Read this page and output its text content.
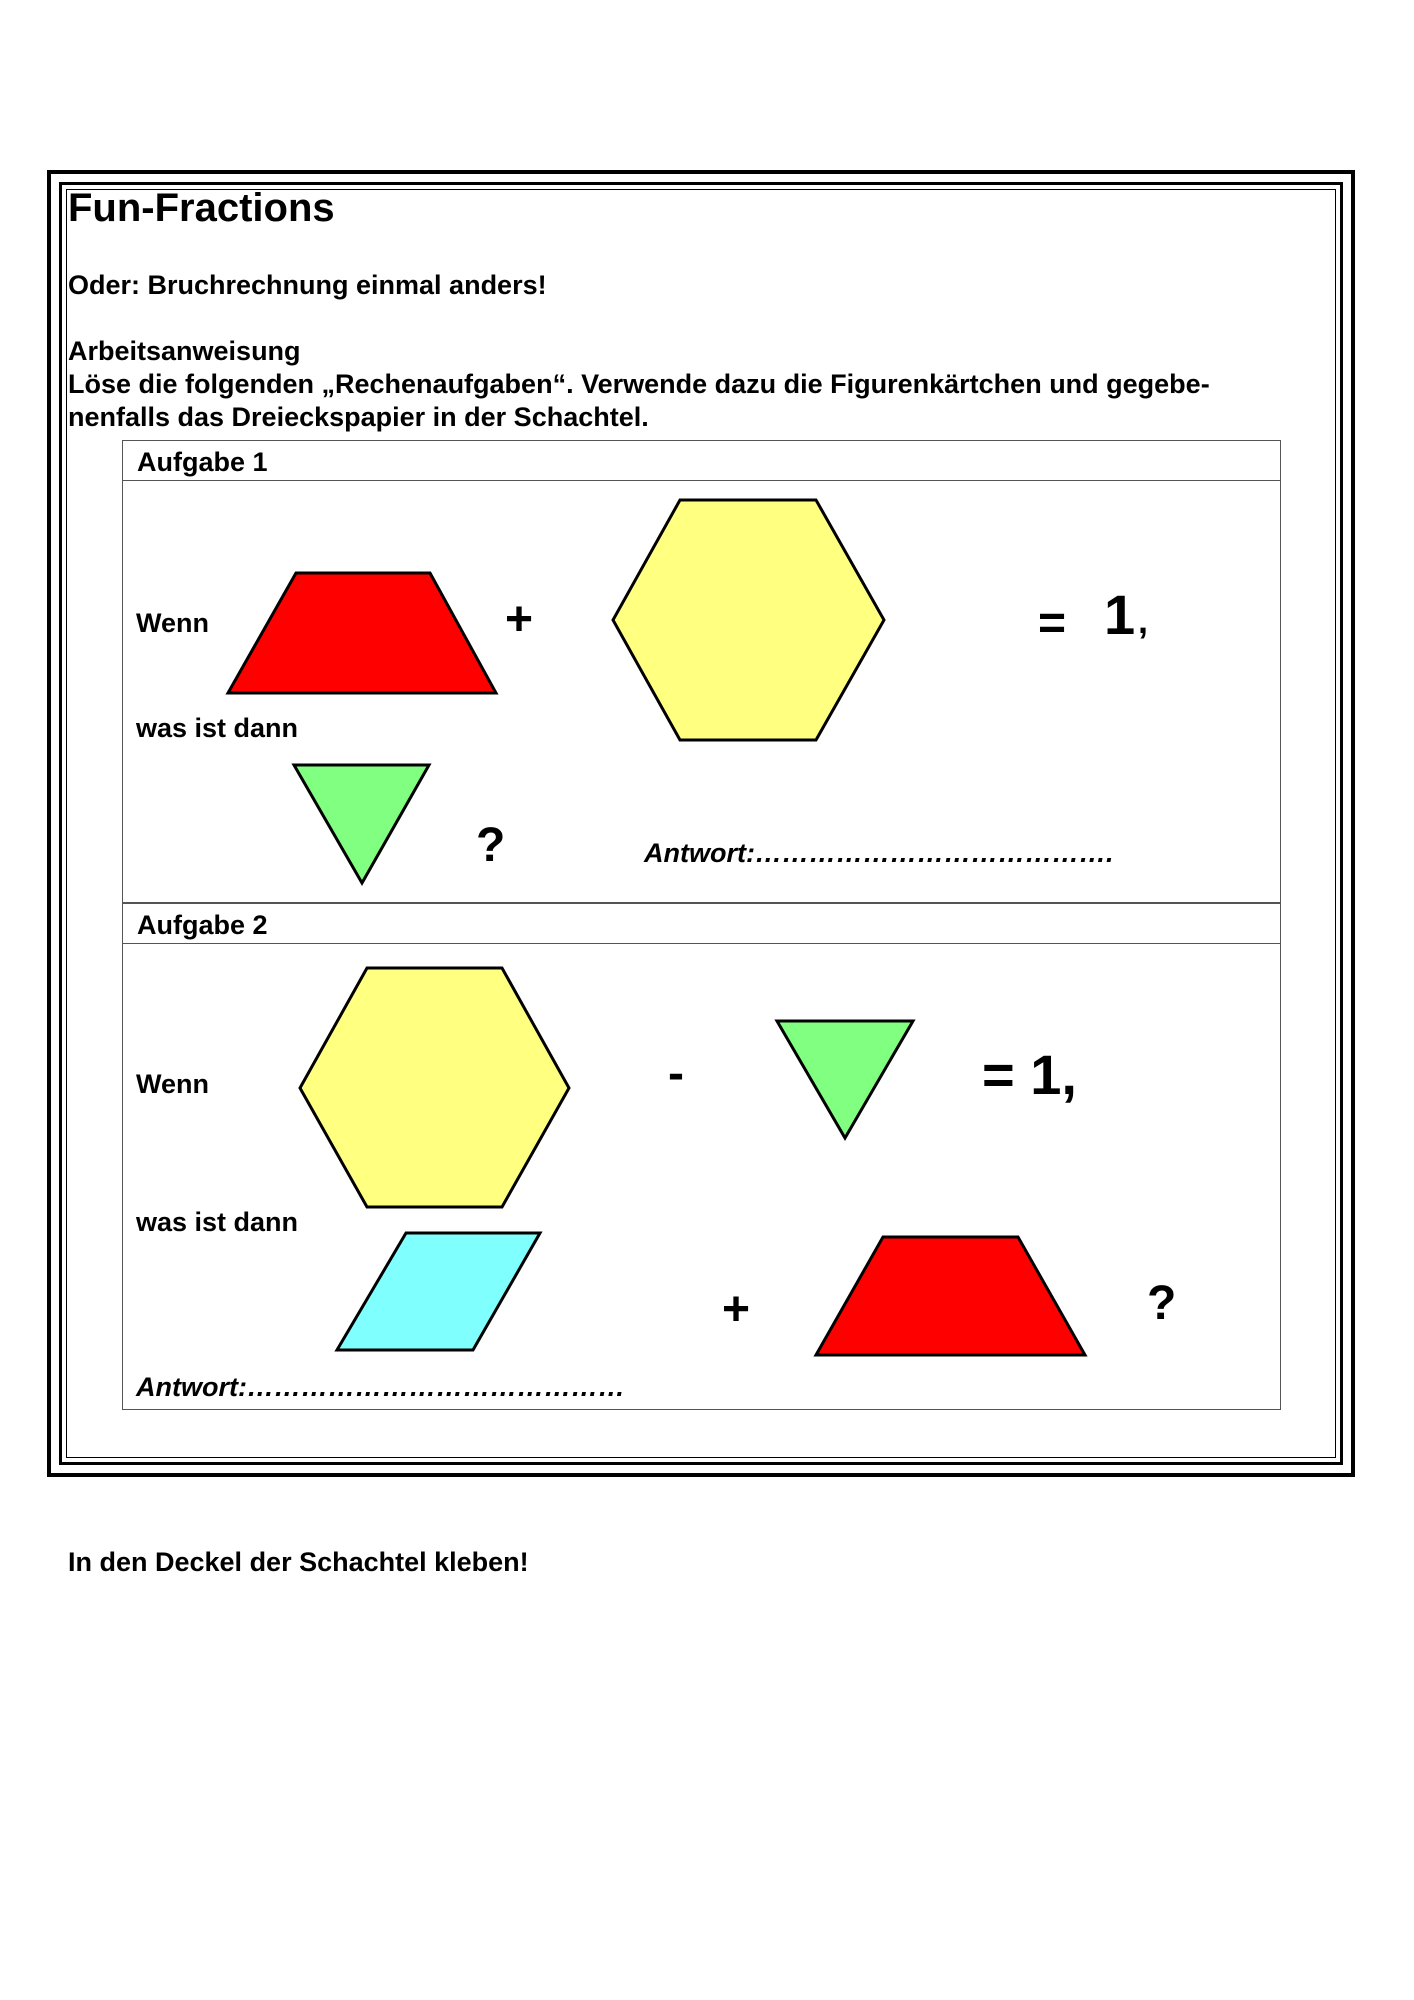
Fun-Fractions
Oder: Bruchrechnung einmal anders!
Arbeitsanweisung
Löse die folgenden „Rechenaufgaben“. Verwende dazu die Figurenkärtchen und gegebe-
nenfalls das Dreieckspapier in der Schachtel.
Aufgabe 1
Aufgabe 2
Wenn	+	= 1 ,
was ist dann
?	Antwort:………………………………….
Wenn	-	= 1,
was ist dann
+	?
Antwort:……………………………………
In den Deckel der Schachtel kleben!
